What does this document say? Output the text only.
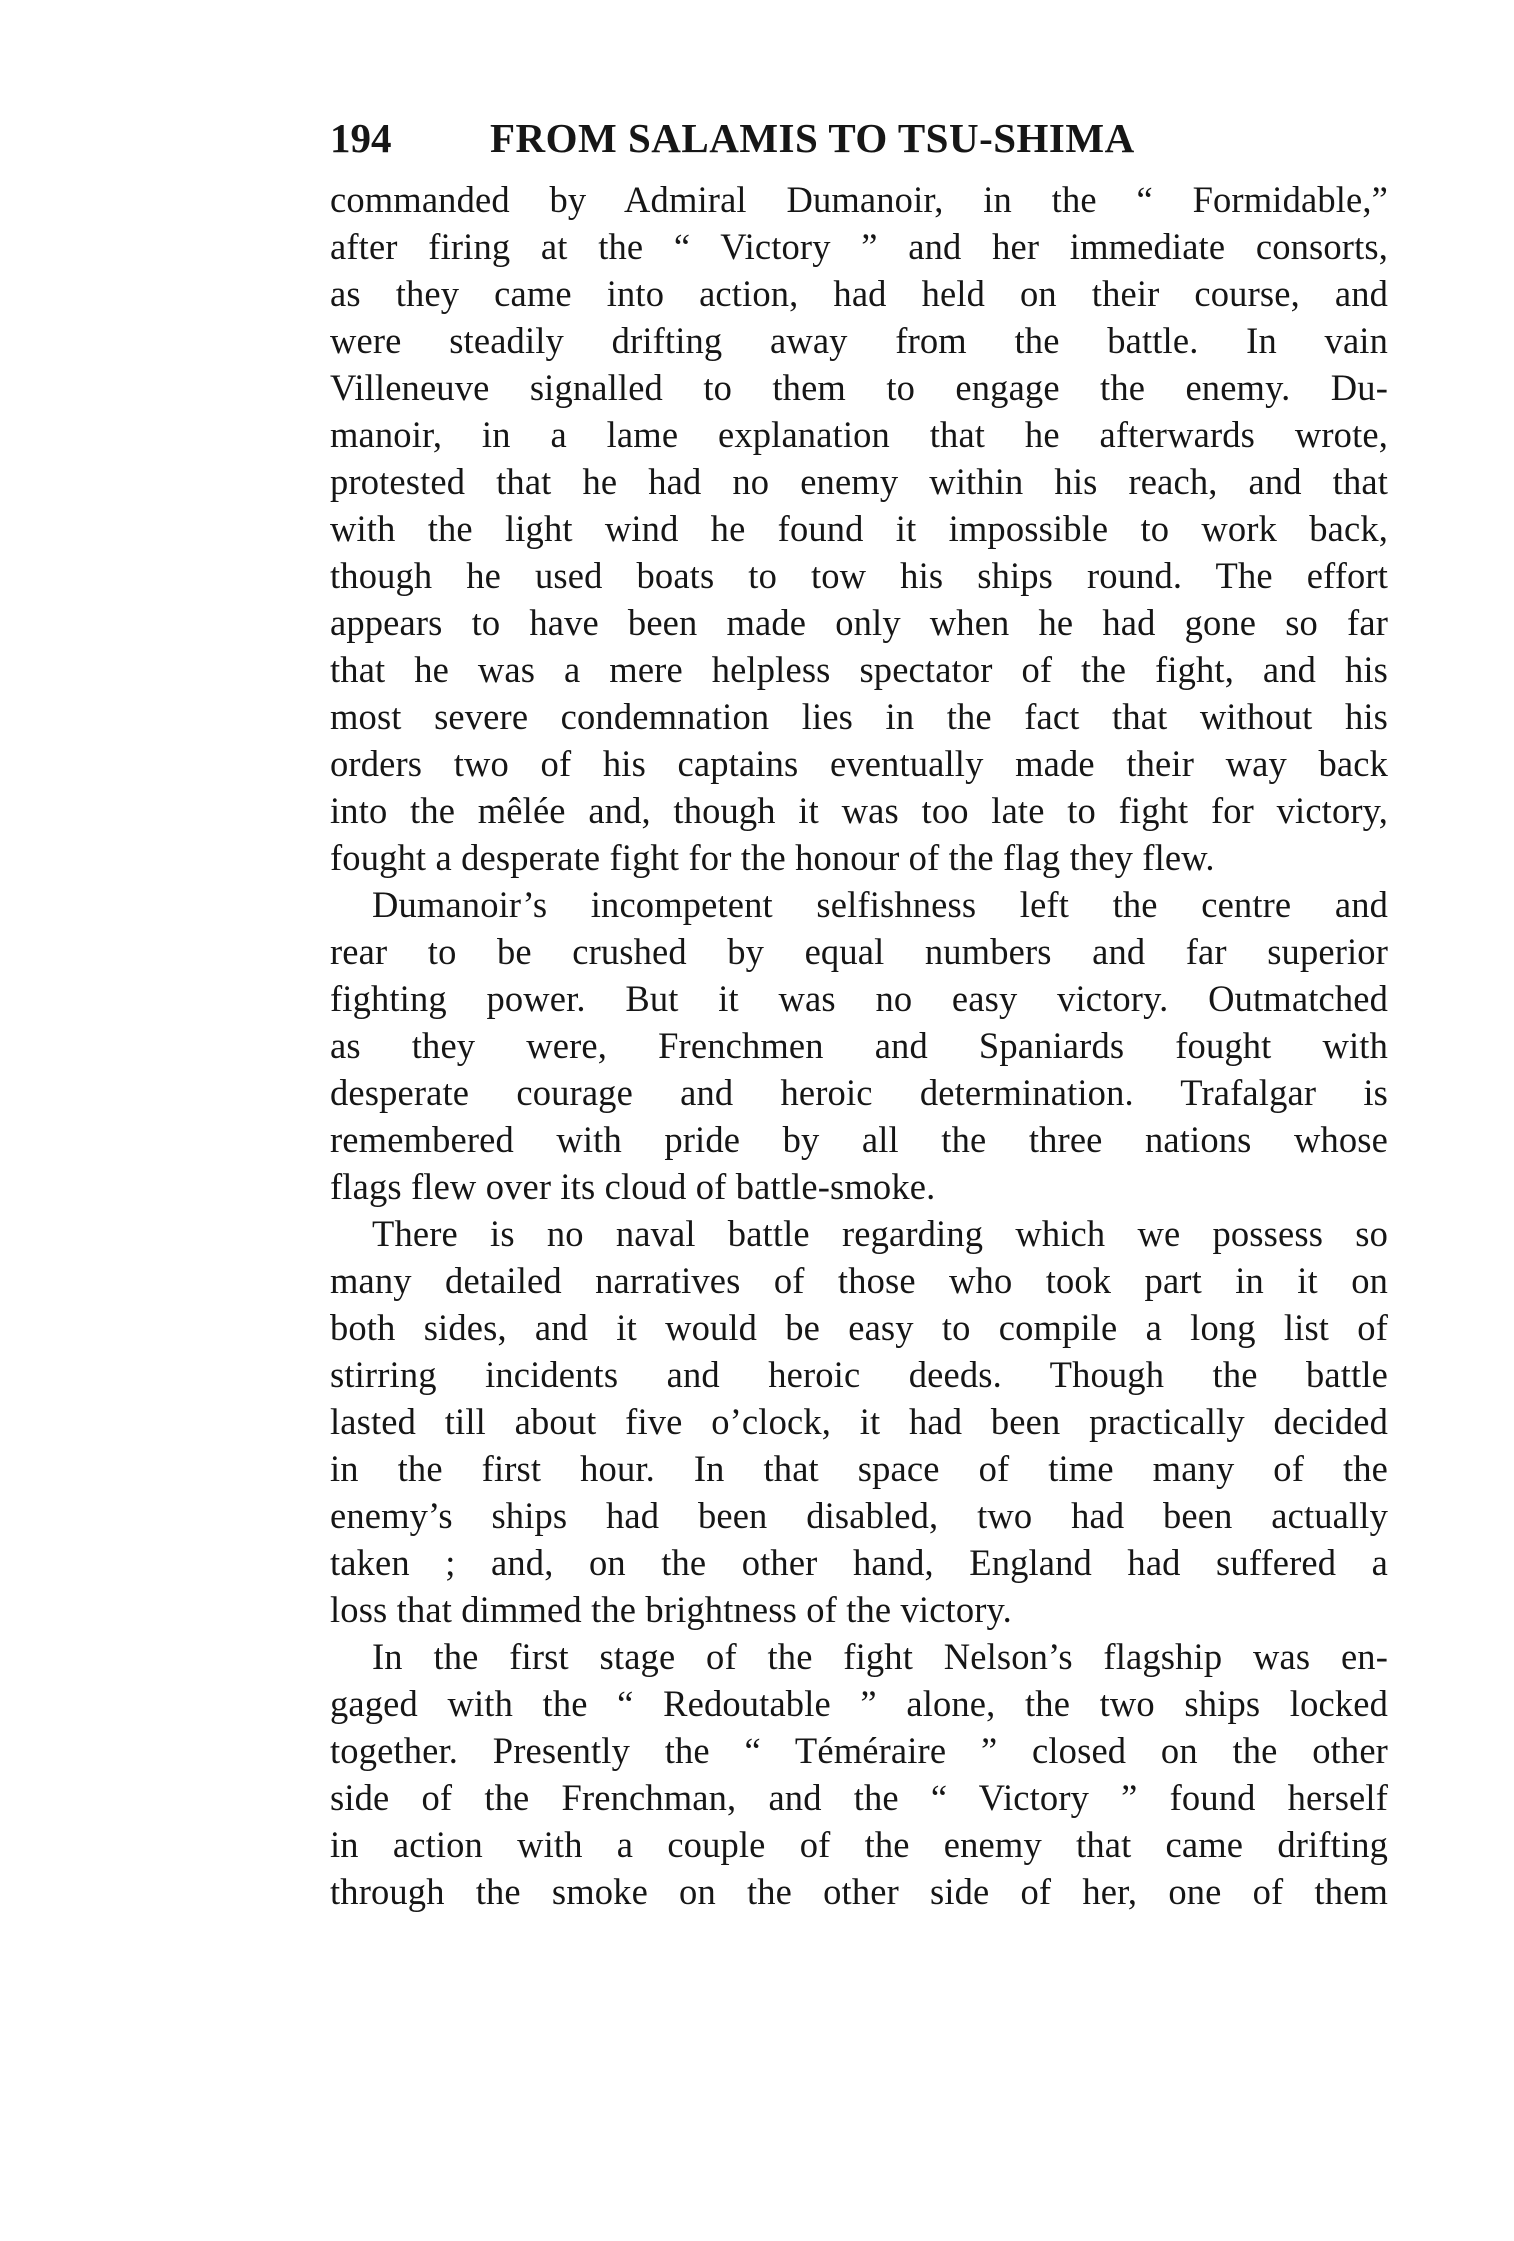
194 FROM SALAMIS TO TSU-SHIMA
commanded by Admiral Dumanoir, in the “ Formidable,”
after firing at the “ Victory ” and her immediate consorts,
as they came into action, had held on their course, and
were steadily drifting away from the battle. In vain
Villeneuve signalled to them to engage the enemy. Du-
manoir, in a lame explanation that he afterwards wrote,
protested that he had no enemy within his reach, and that
with the light wind he found it impossible to work back,
though he used boats to tow his ships round. The effort
appears to have been made only when he had gone so far
that he was a mere helpless spectator of the fight, and his
most severe condemnation lies in the fact that without his
orders two of his captains eventually made their way back
into the mêlée and, though it was too late to fight for victory,
fought a desperate fight for the honour of the flag they flew.
Dumanoir’s incompetent selfishness left the centre and
rear to be crushed by equal numbers and far superior
fighting power. But it was no easy victory. Outmatched
as they were, Frenchmen and Spaniards fought with
desperate courage and heroic determination. Trafalgar is
remembered with pride by all the three nations whose
flags flew over its cloud of battle-smoke.
There is no naval battle regarding which we possess so
many detailed narratives of those who took part in it on
both sides, and it would be easy to compile a long list of
stirring incidents and heroic deeds. Though the battle
lasted till about five o’clock, it had been practically decided
in the first hour. In that space of time many of the
enemy’s ships had been disabled, two had been actually
taken ; and, on the other hand, England had suffered a
loss that dimmed the brightness of the victory.
In the first stage of the fight Nelson’s flagship was en-
gaged with the “ Redoutable ” alone, the two ships locked
together. Presently the “ Téméraire ” closed on the other
side of the Frenchman, and the “ Victory ” found herself
in action with a couple of the enemy that came drifting
through the smoke on the other side of her, one of them
